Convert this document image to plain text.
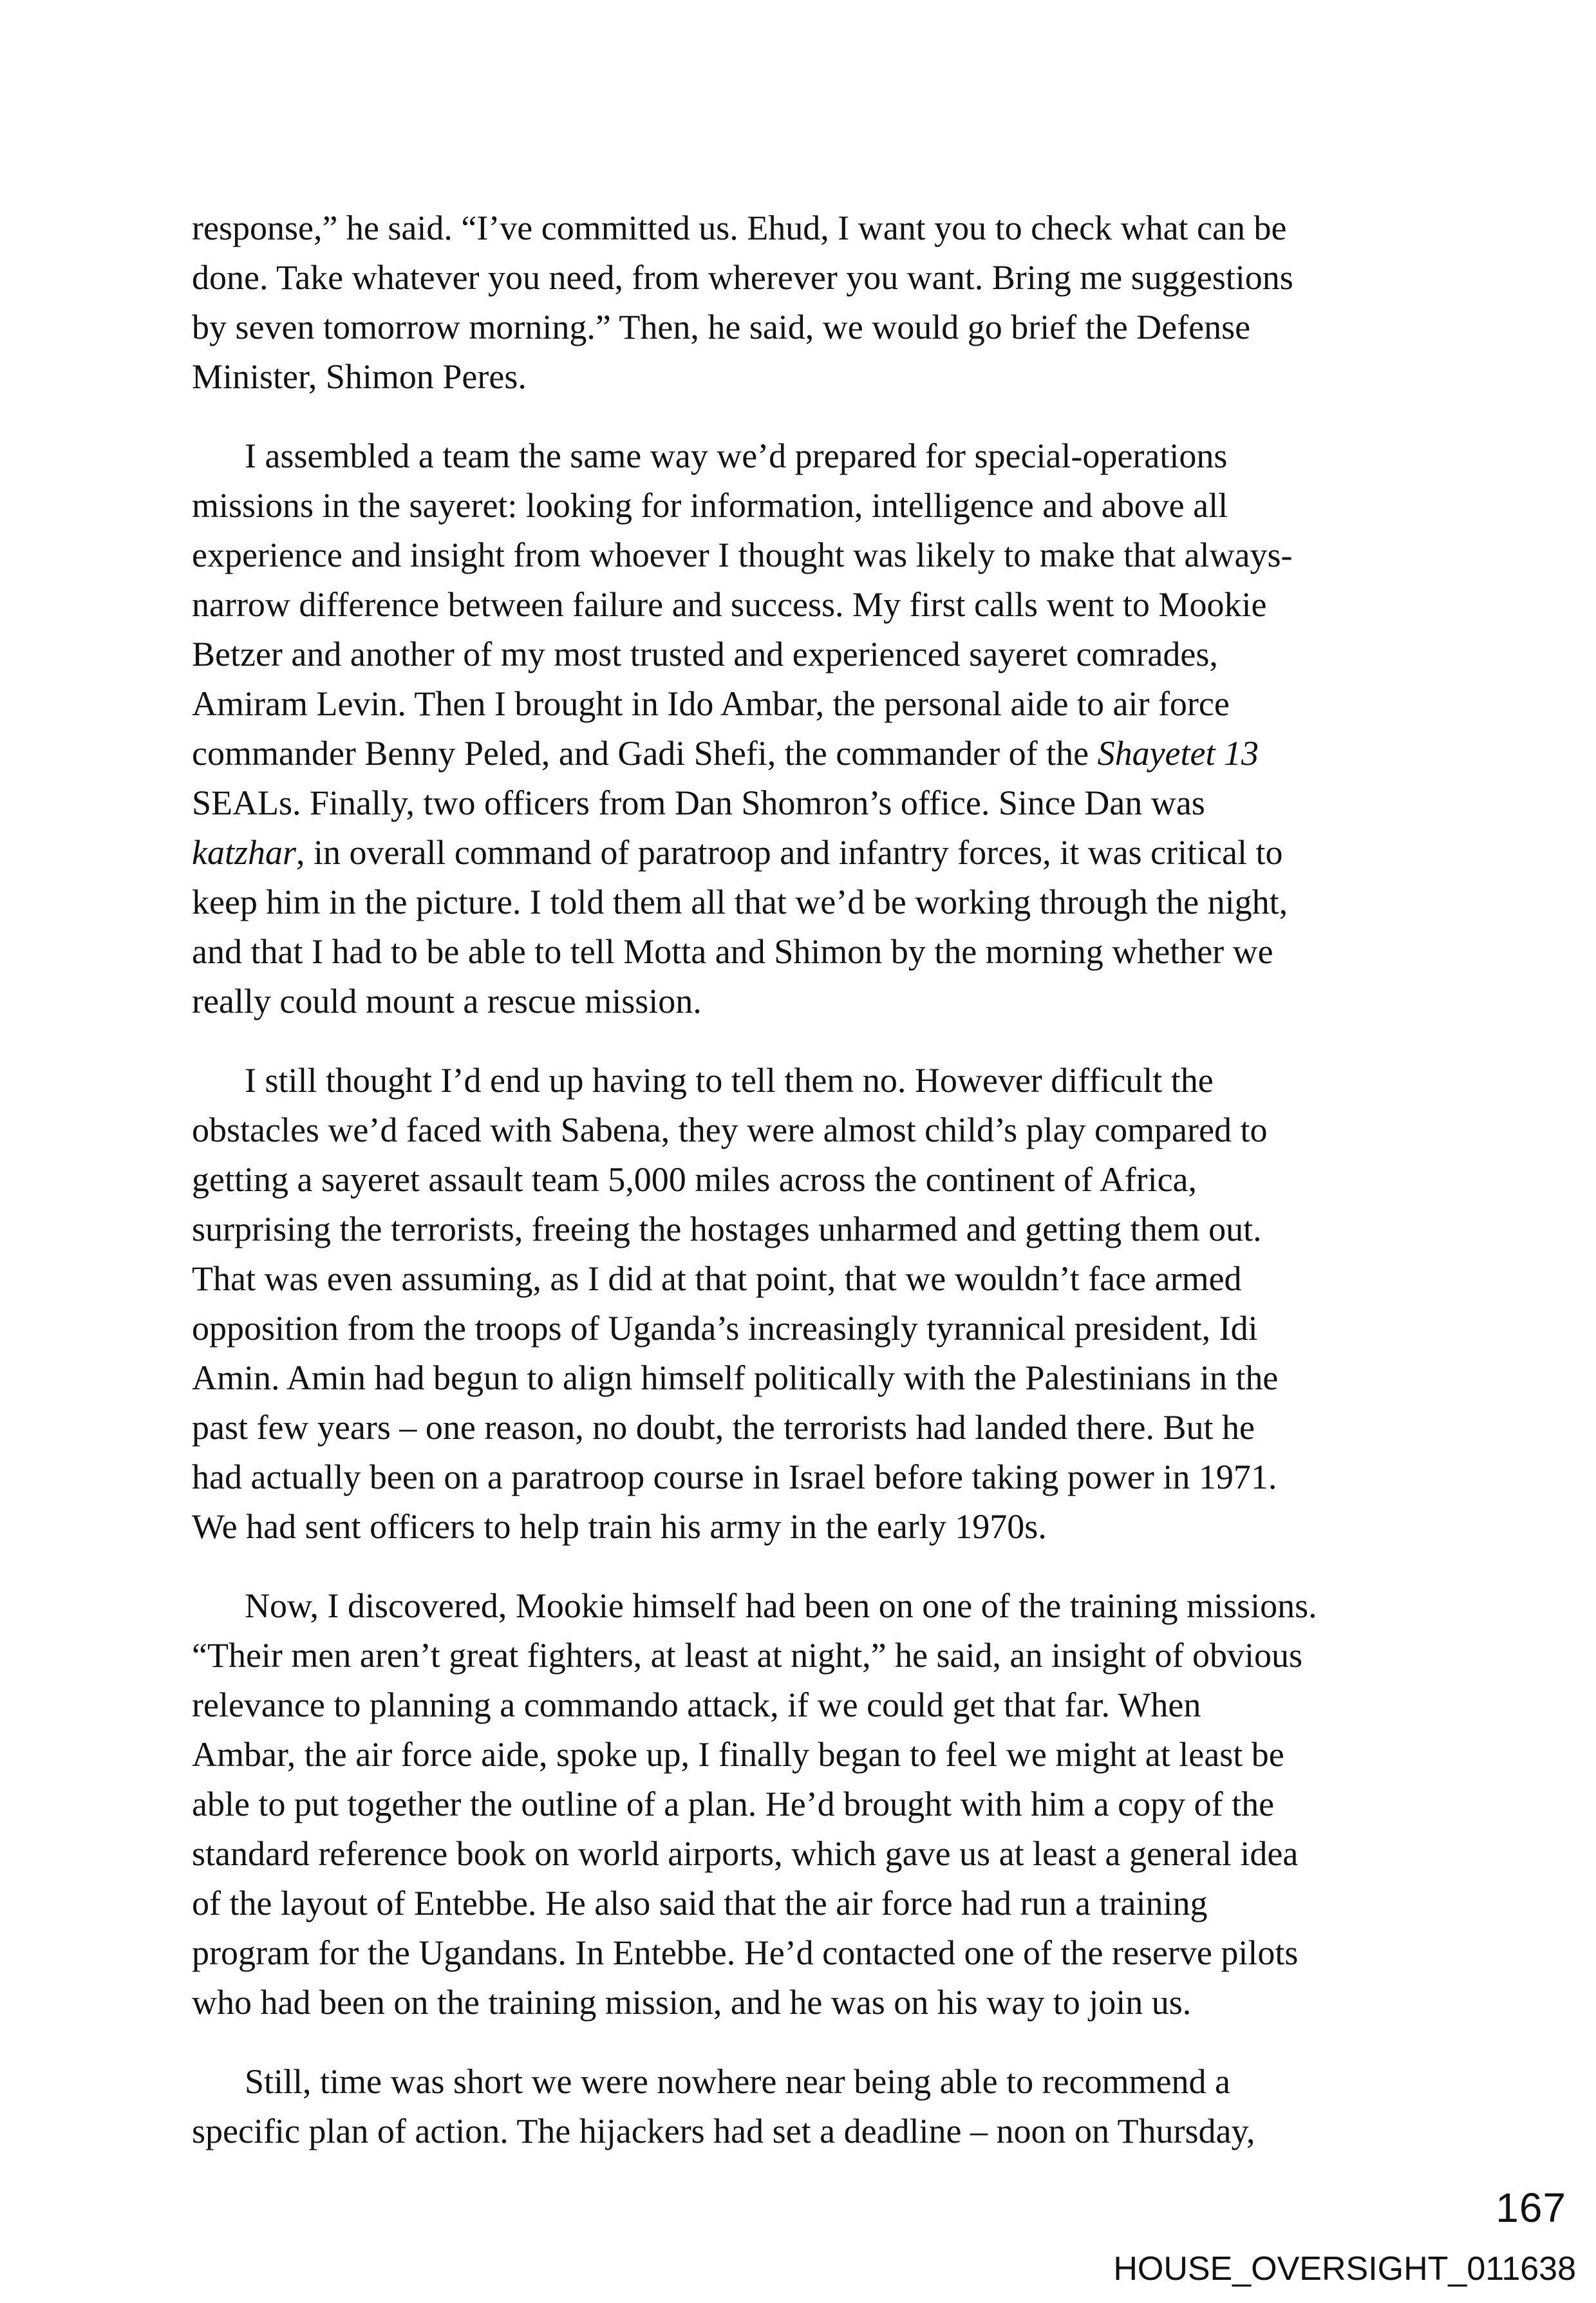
response,” he said. “I’ve committed us. Ehud, I want you to check what can be
done. Take whatever you need, from wherever you want. Bring me suggestions
by seven tomorrow morning.” Then, he said, we would go brief the Defense
Minister, Shimon Peres.
I assembled a team the same way we’d prepared for special-operations
missions in the sayeret: looking for information, intelligence and above all
experience and insight from whoever I thought was likely to make that always-
narrow difference between failure and success. My first calls went to Mookie
Betzer and another of my most trusted and experienced sayeret comrades,
Amiram Levin. Then I brought in Ido Ambar, the personal aide to air force
commander Benny Peled, and Gadi Shefi, the commander of the Shayetet 13
SEALs. Finally, two officers from Dan Shomron’s office. Since Dan was
katzhar, in overall command of paratroop and infantry forces, it was critical to
keep him in the picture. I told them all that we’d be working through the night,
and that I had to be able to tell Motta and Shimon by the morning whether we
really could mount a rescue mission.
I still thought I’d end up having to tell them no. However difficult the
obstacles we’d faced with Sabena, they were almost child’s play compared to
getting a sayeret assault team 5,000 miles across the continent of Africa,
surprising the terrorists, freeing the hostages unharmed and getting them out.
That was even assuming, as I did at that point, that we wouldn’t face armed
opposition from the troops of Uganda’s increasingly tyrannical president, Idi
Amin. Amin had begun to align himself politically with the Palestinians in the
past few years – one reason, no doubt, the terrorists had landed there. But he
had actually been on a paratroop course in Israel before taking power in 1971.
We had sent officers to help train his army in the early 1970s.
Now, I discovered, Mookie himself had been on one of the training missions.
“Their men aren’t great fighters, at least at night,” he said, an insight of obvious
relevance to planning a commando attack, if we could get that far. When
Ambar, the air force aide, spoke up, I finally began to feel we might at least be
able to put together the outline of a plan. He’d brought with him a copy of the
standard reference book on world airports, which gave us at least a general idea
of the layout of Entebbe. He also said that the air force had run a training
program for the Ugandans. In Entebbe. He’d contacted one of the reserve pilots
who had been on the training mission, and he was on his way to join us.
Still, time was short we were nowhere near being able to recommend a
specific plan of action. The hijackers had set a deadline – noon on Thursday,
167
HOUSE_OVERSIGHT_011638
